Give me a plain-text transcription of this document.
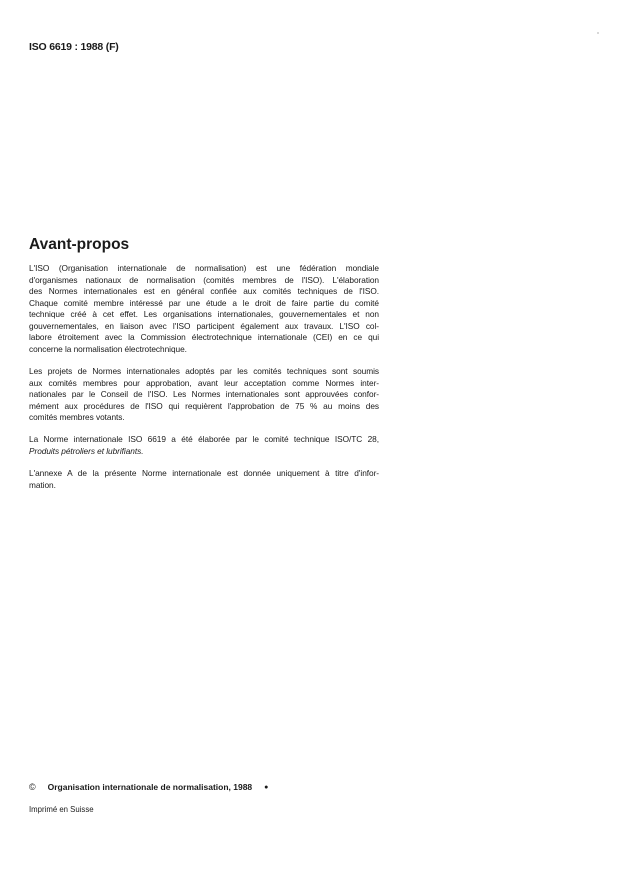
ISO 6619 : 1988 (F)
Avant-propos
L'ISO (Organisation internationale de normalisation) est une fédération mondiale
d'organismes nationaux de normalisation (comités membres de l'ISO). L'élaboration
des Normes internationales est en général confiée aux comités techniques de l'ISO.
Chaque comité membre intéressé par une étude a le droit de faire partie du comité
technique créé à cet effet. Les organisations internationales, gouvernementales et non
gouvernementales, en liaison avec l'ISO participent également aux travaux. L'ISO col-
labore étroitement avec la Commission électrotechnique internationale (CEI) en ce qui
concerne la normalisation électrotechnique.
Les projets de Normes internationales adoptés par les comités techniques sont soumis
aux comités membres pour approbation, avant leur acceptation comme Normes inter-
nationales par le Conseil de l'ISO. Les Normes internationales sont approuvées confor-
mément aux procédures de l'ISO qui requièrent l'approbation de 75 % au moins des
comités membres votants.
La Norme internationale ISO 6619 a été élaborée par le comité technique ISO/TC 28,
Produits pétroliers et lubrifiants.
L'annexe A de la présente Norme internationale est donnée uniquement à titre d'infor-
mation.
© Organisation internationale de normalisation, 1988 ●
Imprimé en Suisse
